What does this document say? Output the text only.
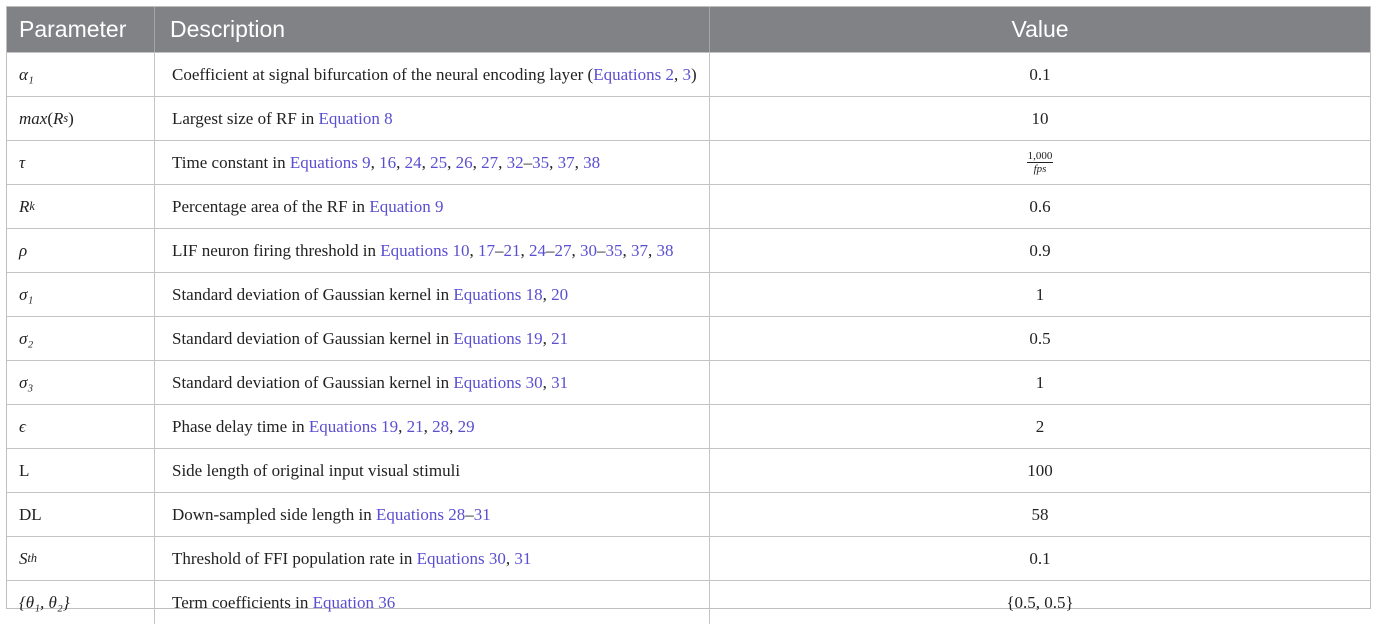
Parameter	Description	Value
α₁	Coefficient at signal bifurcation of the neural encoding layer (Equations 2, 3)	0.1
max ( R s )	Largest size of RF in Equation 8	10
τ	Time constant in Equations 9, 16, 24, 25, 26, 27, 32–35, 37, 38	$\frac{1,000}{\text{fps}}$
R k	Percentage area of the RF in Equation 9	0.6
ρ	LIF neuron firing threshold in Equations 10, 17–21, 24–27, 30–35, 37, 38	0.9
σ₁	Standard deviation of Gaussian kernel in Equations 18, 20	1
σ₂	Standard deviation of Gaussian kernel in Equations 19, 21	0.5
σ₃	Standard deviation of Gaussian kernel in Equations 30, 31	1
ϵ	Phase delay time in Equations 19, 21, 28, 29	2
L	Side length of original input visual stimuli	100
DL	Down-sampled side length in Equations 28–31	58
S th	Threshold of FFI population rate in Equations 30, 31	0.1
{θ₁, θ₂}	Term coefficients in Equation 36	{0.5, 0.5}
